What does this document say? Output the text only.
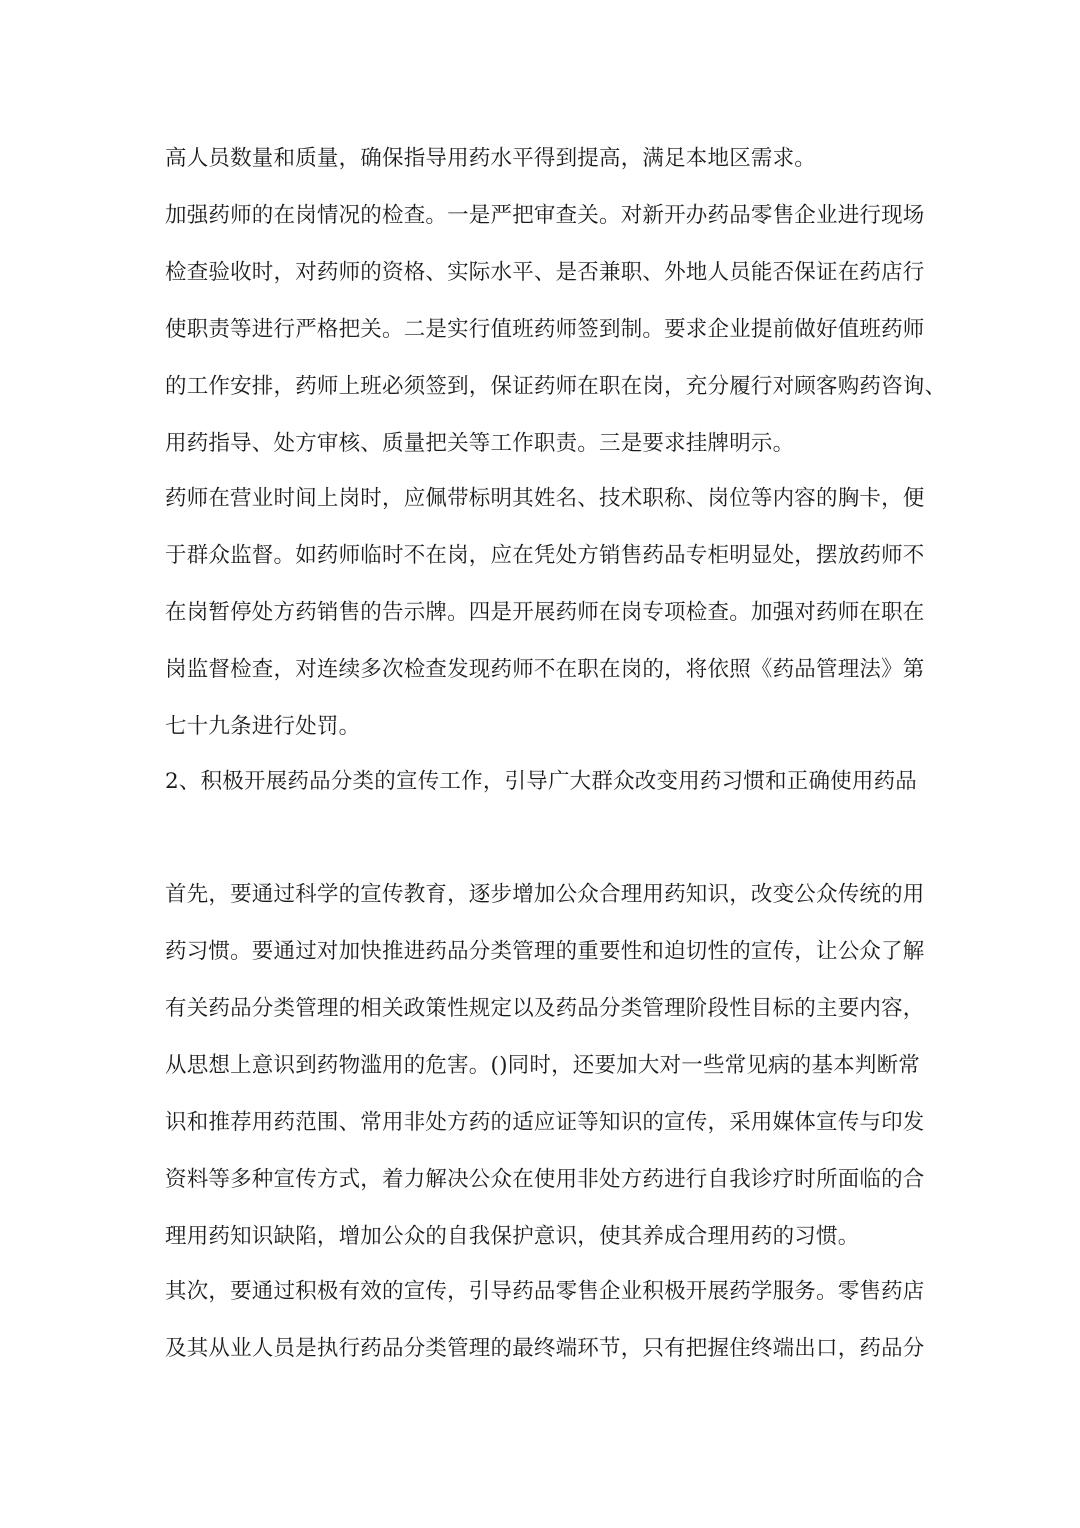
高人员数量和质量，确保指导用药水平得到提高，满足本地区需求。
加强药师的在岗情况的检查。一是严把审查关。对新开办药品零售企业进行现场
检查验收时，对药师的资格、实际水平、是否兼职、外地人员能否保证在药店行
使职责等进行严格把关。二是实行值班药师签到制。要求企业提前做好值班药师
的工作安排，药师上班必须签到，保证药师在职在岗，充分履行对顾客购药咨询、
用药指导、处方审核、质量把关等工作职责。三是要求挂牌明示。
药师在营业时间上岗时，应佩带标明其姓名、技术职称、岗位等内容的胸卡，便
于群众监督。如药师临时不在岗，应在凭处方销售药品专柜明显处，摆放药师不
在岗暂停处方药销售的告示牌。四是开展药师在岗专项检查。加强对药师在职在
岗监督检查，对连续多次检查发现药师不在职在岗的，将依照《药品管理法》第
七十九条进行处罚。
2、积极开展药品分类的宣传工作，引导广大群众改变用药习惯和正确使用药品
首先，要通过科学的宣传教育，逐步增加公众合理用药知识，改变公众传统的用
药习惯。要通过对加快推进药品分类管理的重要性和迫切性的宣传，让公众了解
有关药品分类管理的相关政策性规定以及药品分类管理阶段性目标的主要内容，
从思想上意识到药物滥用的危害。()同时，还要加大对一些常见病的基本判断常
识和推荐用药范围、常用非处方药的适应证等知识的宣传，采用媒体宣传与印发
资料等多种宣传方式，着力解决公众在使用非处方药进行自我诊疗时所面临的合
理用药知识缺陷，增加公众的自我保护意识，使其养成合理用药的习惯。
其次，要通过积极有效的宣传，引导药品零售企业积极开展药学服务。零售药店
及其从业人员是执行药品分类管理的最终端环节，只有把握住终端出口，药品分
